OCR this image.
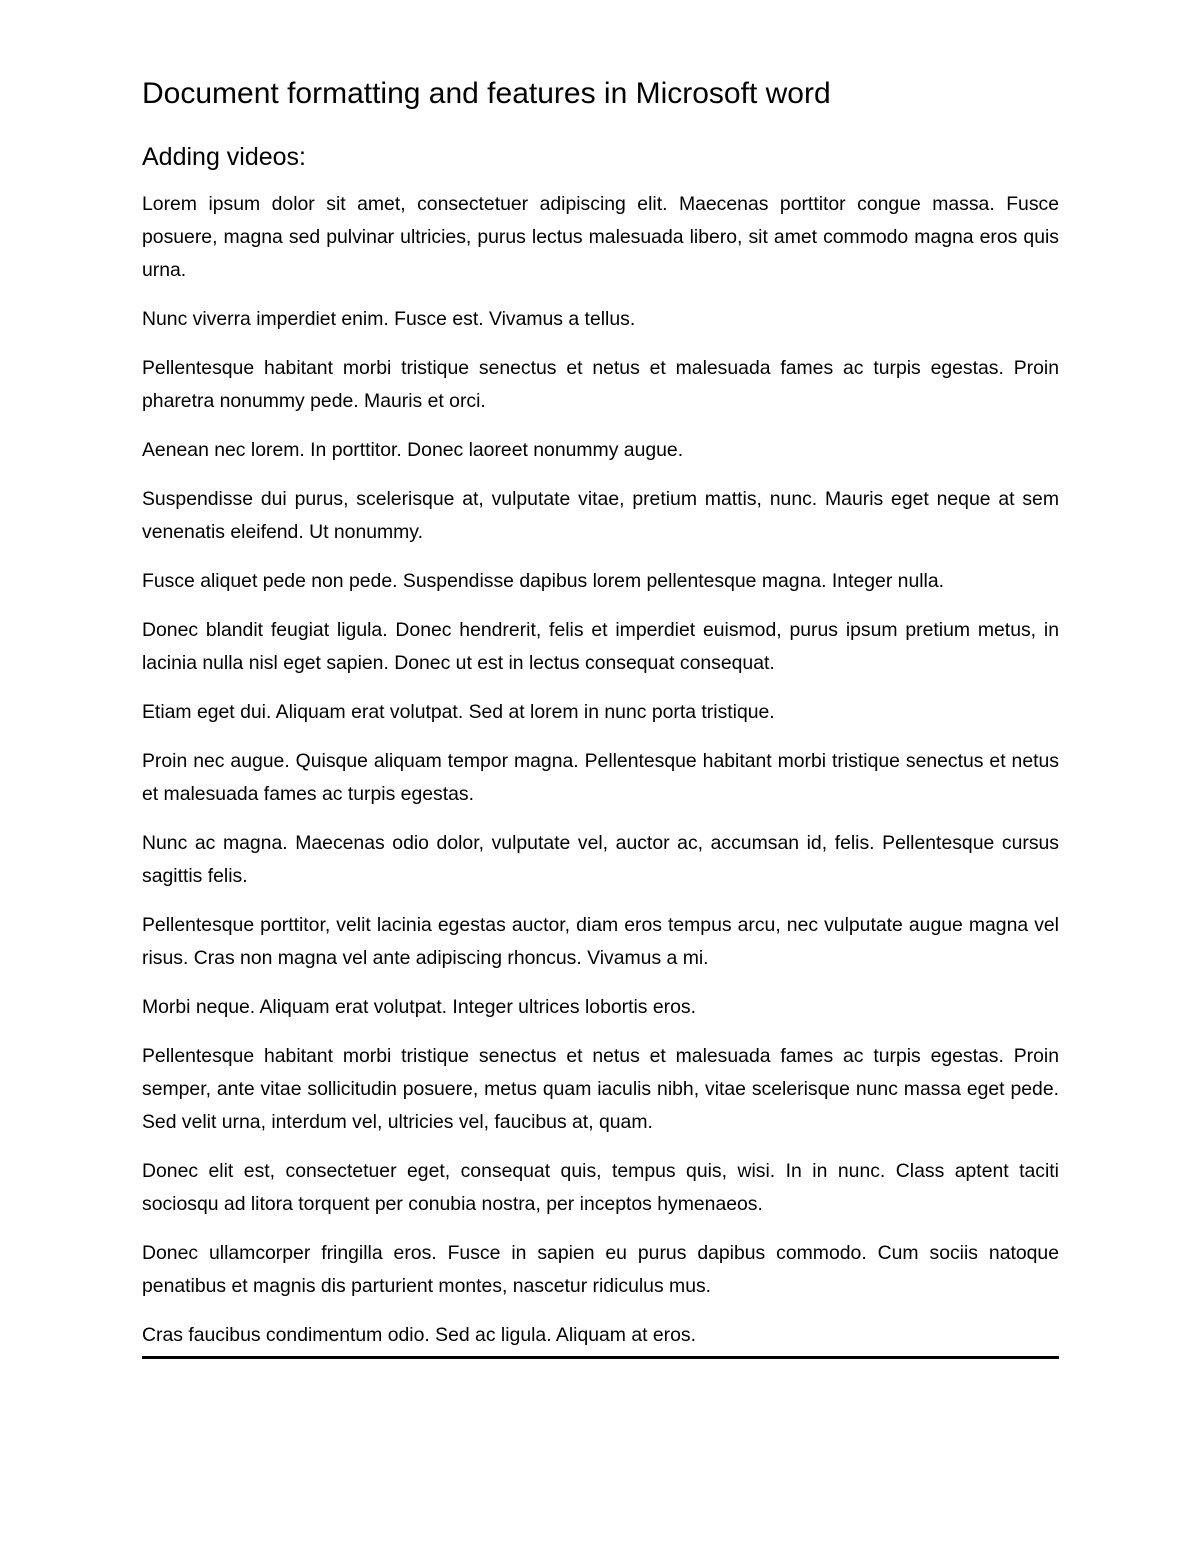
Document formatting and features in Microsoft word
Adding videos:

Lorem ipsum dolor sit amet, consectetuer adipiscing elit. Maecenas porttitor congue massa. Fusce posuere, magna sed pulvinar ultricies, purus lectus malesuada libero, sit amet commodo magna eros quis urna.

Nunc viverra imperdiet enim. Fusce est. Vivamus a tellus.

Pellentesque habitant morbi tristique senectus et netus et malesuada fames ac turpis egestas. Proin pharetra nonummy pede. Mauris et orci.

Aenean nec lorem. In porttitor. Donec laoreet nonummy augue.

Suspendisse dui purus, scelerisque at, vulputate vitae, pretium mattis, nunc. Mauris eget neque at sem venenatis eleifend. Ut nonummy.

Fusce aliquet pede non pede. Suspendisse dapibus lorem pellentesque magna. Integer nulla.

Donec blandit feugiat ligula. Donec hendrerit, felis et imperdiet euismod, purus ipsum pretium metus, in lacinia nulla nisl eget sapien. Donec ut est in lectus consequat consequat.

Etiam eget dui. Aliquam erat volutpat. Sed at lorem in nunc porta tristique.

Proin nec augue. Quisque aliquam tempor magna. Pellentesque habitant morbi tristique senectus et netus et malesuada fames ac turpis egestas.

Nunc ac magna. Maecenas odio dolor, vulputate vel, auctor ac, accumsan id, felis. Pellentesque cursus sagittis felis.

Pellentesque porttitor, velit lacinia egestas auctor, diam eros tempus arcu, nec vulputate augue magna vel risus. Cras non magna vel ante adipiscing rhoncus. Vivamus a mi.

Morbi neque. Aliquam erat volutpat. Integer ultrices lobortis eros.

Pellentesque habitant morbi tristique senectus et netus et malesuada fames ac turpis egestas. Proin semper, ante vitae sollicitudin posuere, metus quam iaculis nibh, vitae scelerisque nunc massa eget pede. Sed velit urna, interdum vel, ultricies vel, faucibus at, quam.

Donec elit est, consectetuer eget, consequat quis, tempus quis, wisi. In in nunc. Class aptent taciti sociosqu ad litora torquent per conubia nostra, per inceptos hymenaeos.

Donec ullamcorper fringilla eros. Fusce in sapien eu purus dapibus commodo. Cum sociis natoque penatibus et magnis dis parturient montes, nascetur ridiculus mus.

Cras faucibus condimentum odio. Sed ac ligula. Aliquam at eros.
